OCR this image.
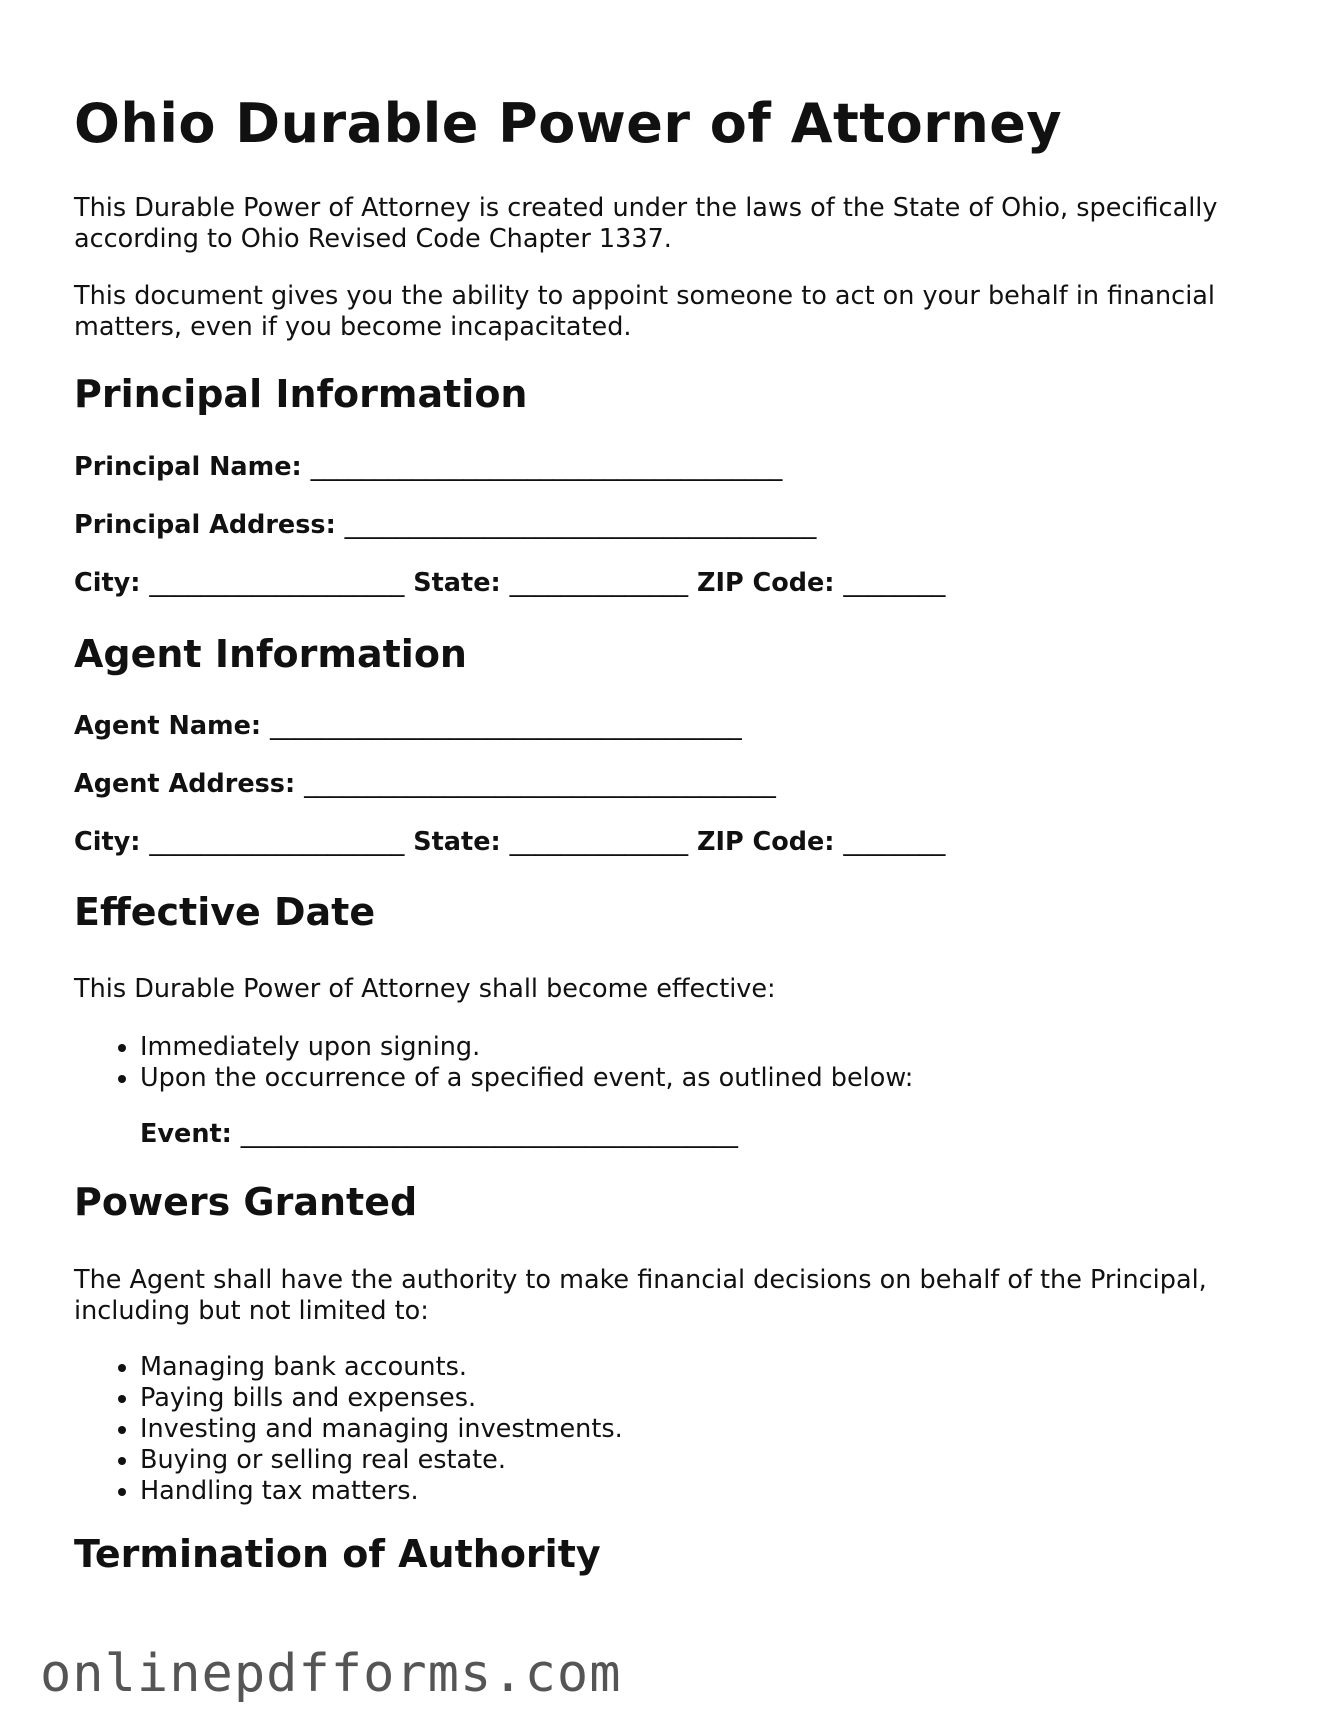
Ohio Durable Power of Attorney

This Durable Power of Attorney is created under the laws of the State of Ohio, specifically according to Ohio Revised Code Chapter 1337.

This document gives you the ability to appoint someone to act on your behalf in financial matters, even if you become incapacitated.

Principal Information
Principal Name: _____________________________________
Principal Address: _____________________________________
City: ____________________ State: ______________ ZIP Code: ________
Agent Information
Agent Name: _____________________________________
Agent Address: _____________________________________
City: ____________________ State: ______________ ZIP Code: ________
Effective Date

This Durable Power of Attorney shall become effective:

• Immediately upon signing.
• Upon the occurrence of a specified event, as outlined below:
Event: _______________________________________
Powers Granted

The Agent shall have the authority to make financial decisions on behalf of the Principal, including but not limited to:

• Managing bank accounts.
• Paying bills and expenses.
• Investing and managing investments.
• Buying or selling real estate.
• Handling tax matters.
Termination of Authority
onlinepdfforms.com
